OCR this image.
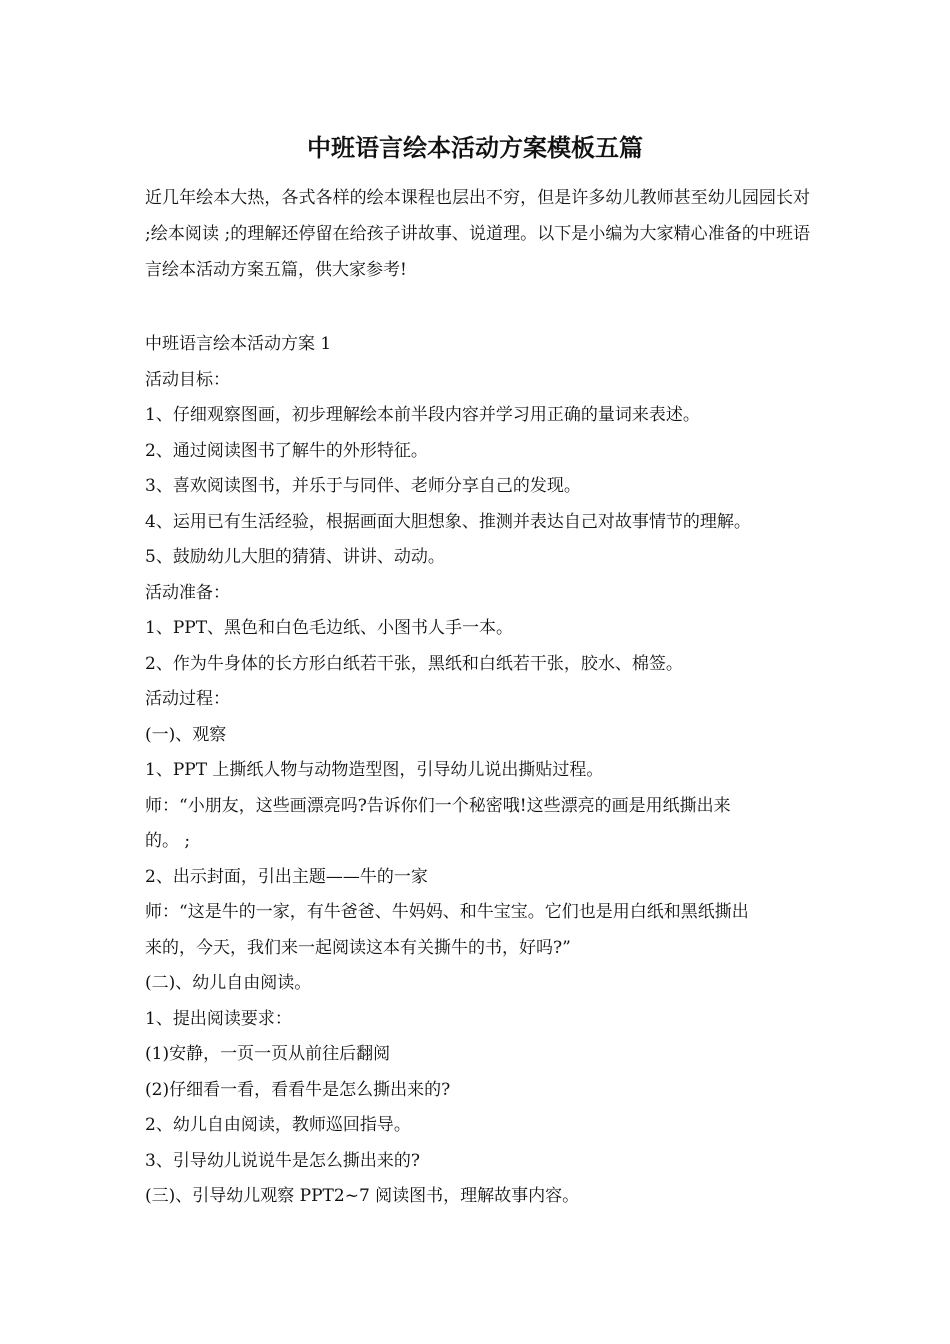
中班语言绘本活动方案模板五篇

近几年绘本大热，各式各样的绘本课程也层出不穷，但是许多幼儿教师甚至幼儿园园长对 ;绘本阅读 ;的理解还停留在给孩子讲故事、说道理。以下是小编为大家精心准备的中班语言绘本活动方案五篇，供大家参考!

中班语言绘本活动方案 1
活动目标：
1、仔细观察图画，初步理解绘本前半段内容并学习用正确的量词来表述。
2、通过阅读图书了解牛的外形特征。
3、喜欢阅读图书，并乐于与同伴、老师分享自己的发现。
4、运用已有生活经验，根据画面大胆想象、推测并表达自己对故事情节的理解。
5、鼓励幼儿大胆的猜猜、讲讲、动动。
活动准备：
1、PPT、黑色和白色毛边纸、小图书人手一本。
2、作为牛身体的长方形白纸若干张，黑纸和白纸若干张，胶水、棉签。
活动过程：
(一)、观察
1、PPT 上撕纸人物与动物造型图，引导幼儿说出撕贴过程。
师：“小朋友，这些画漂亮吗?告诉你们一个秘密哦!这些漂亮的画是用纸撕出来
的。 ;
2、出示封面，引出主题——牛的一家
师：“这是牛的一家，有牛爸爸、牛妈妈、和牛宝宝。它们也是用白纸和黑纸撕出
来的，今天，我们来一起阅读这本有关撕牛的书，好吗?”
(二)、幼儿自由阅读。
1、提出阅读要求：
(1)安静，一页一页从前往后翻阅
(2)仔细看一看，看看牛是怎么撕出来的?
2、幼儿自由阅读，教师巡回指导。
3、引导幼儿说说牛是怎么撕出来的?
(三)、引导幼儿观察 PPT2~7 阅读图书，理解故事内容。
